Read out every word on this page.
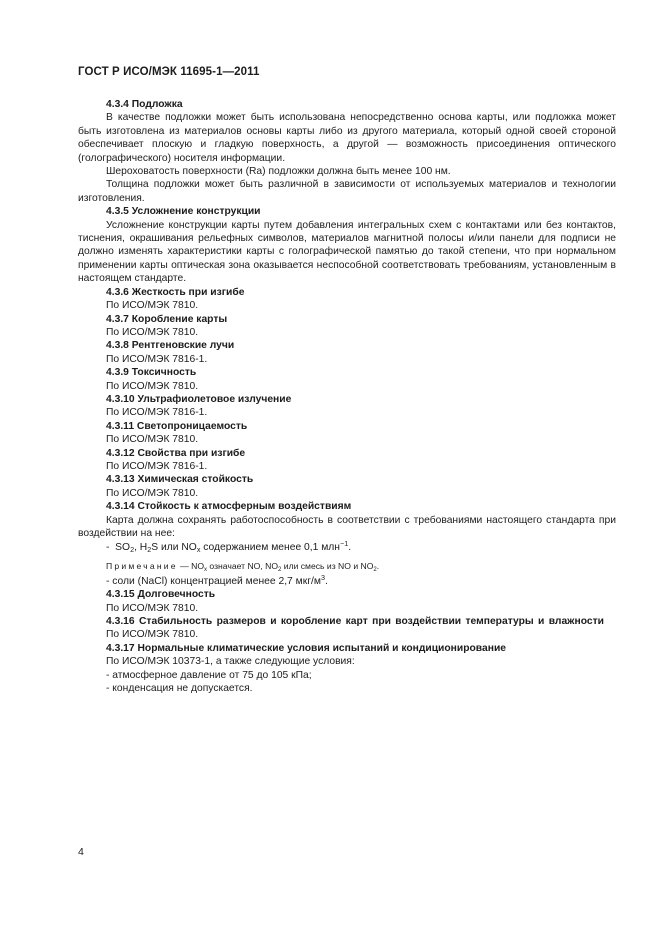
ГОСТ Р ИСО/МЭК 11695-1—2011

4.3.4 Подложка

В качестве подложки может быть использована непосредственно основа карты, или подложка может быть изготовлена из материалов основы карты либо из другого материала, который одной своей стороной обеспечивает плоскую и гладкую поверхность, а другой — возможность присоединения оптического (голографического) носителя информации.

Шероховатость поверхности (Ra) подложки должна быть менее 100 нм.

Толщина подложки может быть различной в зависимости от используемых материалов и технологии изготовления.

4.3.5 Усложнение конструкции

Усложнение конструкции карты путем добавления интегральных схем с контактами или без контактов, тиснения, окрашивания рельефных символов, материалов магнитной полосы и/или панели для подписи не должно изменять характеристики карты с голографической памятью до такой степени, что при нормальном применении карты оптическая зона оказывается неспособной соответствовать требованиям, установленным в настоящем стандарте.

4.3.6 Жесткость при изгибе

По ИСО/МЭК 7810.

4.3.7 Коробление карты

По ИСО/МЭК 7810.

4.3.8 Рентгеновские лучи

По ИСО/МЭК 7816-1.

4.3.9 Токсичность

По ИСО/МЭК 7810.

4.3.10 Ультрафиолетовое излучение

По ИСО/МЭК 7816-1.

4.3.11 Светопроницаемость

По ИСО/МЭК 7810.

4.3.12 Свойства при изгибе

По ИСО/МЭК 7816-1.

4.3.13 Химическая стойкость

По ИСО/МЭК 7810.

4.3.14 Стойкость к атмосферным воздействиям

Карта должна сохранять работоспособность в соответствии с требованиями настоящего стандарта при воздействии на нее:

- $SO_2$, $H_2S$ или $NO_x$ содержанием менее 0,1 млн$^{-1}$.

Примечание — $NO_x$ означает NO, $NO_2$ или смесь из NO и $NO_2$.

- соли (NaCl) концентрацией менее 2,7 мкг/$м^3$.

4.3.15 Долговечность

По ИСО/МЭК 7810.

4.3.16 Стабильность размеров и коробление карт при воздействии температуры и влажности

По ИСО/МЭК 7810.

4.3.17 Нормальные климатические условия испытаний и кондиционирование

По ИСО/МЭК 10373-1, а также следующие условия:

- атмосферное давление от 75 до 105 кПа;

- конденсация не допускается.

4
